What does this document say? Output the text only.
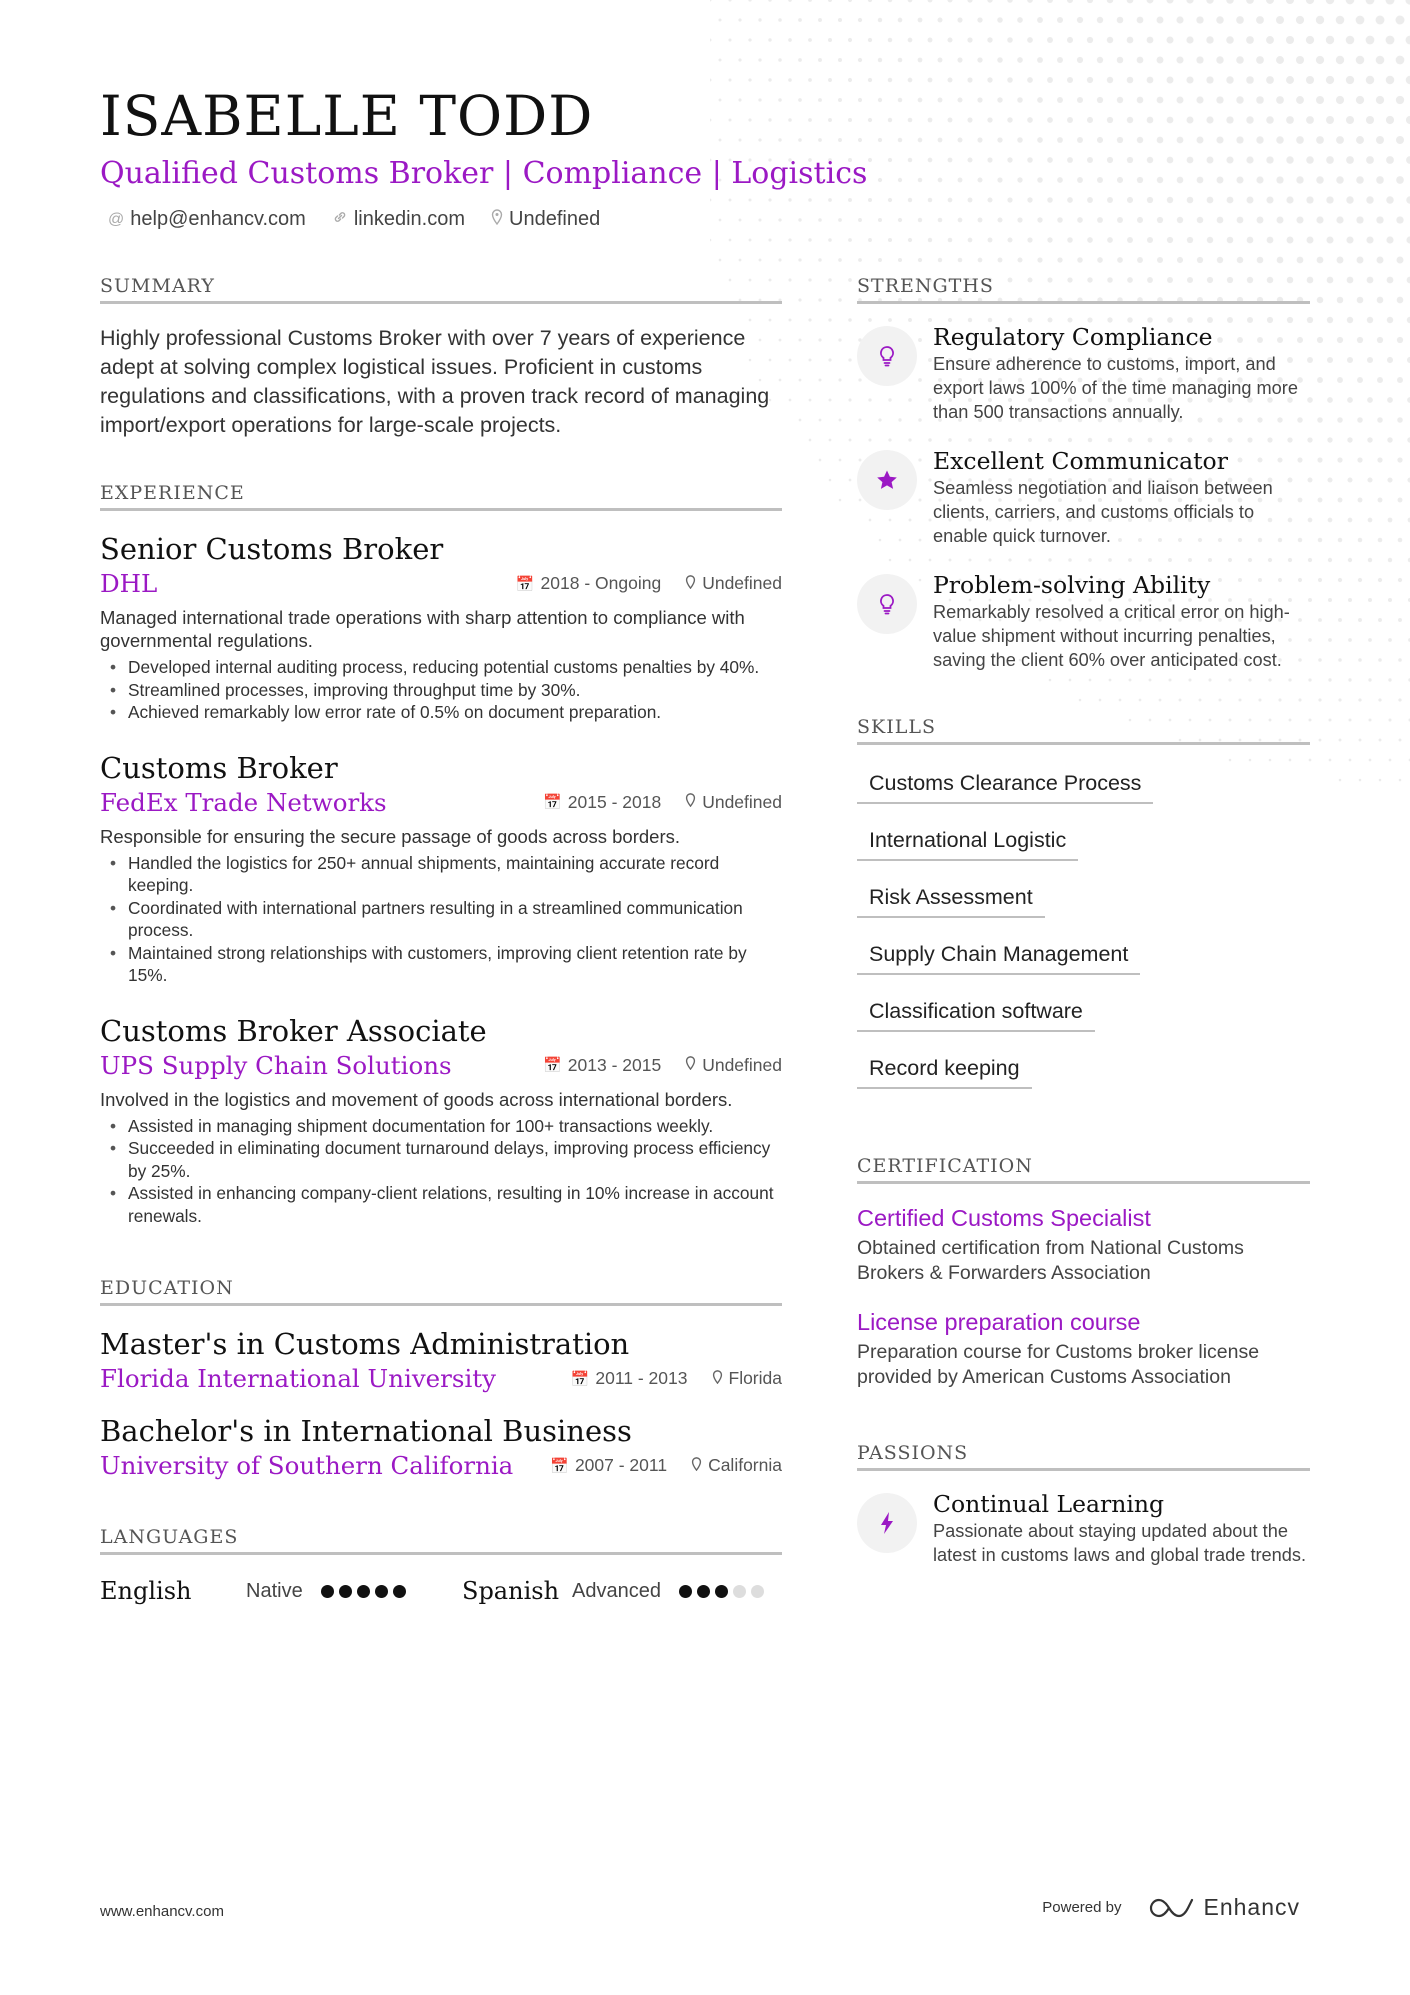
ISABELLE TODD
Qualified Customs Broker | Compliance | Logistics
@ help@enhancv.com linkedin.com Undefined
SUMMARY
Highly professional Customs Broker with over 7 years of experience adept at solving complex logistical issues. Proficient in customs regulations and classifications, with a proven track record of managing import/export operations for large-scale projects.
EXPERIENCE
Senior Customs Broker
DHL	📅 2018 - Ongoing Undefined
Managed international trade operations with sharp attention to compliance with governmental regulations.
• Developed internal auditing process, reducing potential customs penalties by 40%.
• Streamlined processes, improving throughput time by 30%.
• Achieved remarkably low error rate of 0.5% on document preparation.
Customs Broker
FedEx Trade Networks	📅 2015 - 2018 Undefined
Responsible for ensuring the secure passage of goods across borders.
• Handled the logistics for 250+ annual shipments, maintaining accurate record keeping.
• Coordinated with international partners resulting in a streamlined communication process.
• Maintained strong relationships with customers, improving client retention rate by 15%.
Customs Broker Associate
UPS Supply Chain Solutions	📅 2013 - 2015 Undefined
Involved in the logistics and movement of goods across international borders.
• Assisted in managing shipment documentation for 100+ transactions weekly.
• Succeeded in eliminating document turnaround delays, improving process efficiency by 25%.
• Assisted in enhancing company-client relations, resulting in 10% increase in account renewals.
EDUCATION
Master's in Customs Administration
Florida International University	📅 2011 - 2013 Florida
Bachelor's in International Business
University of Southern California 📅 2007 - 2011 California
LANGUAGES
English	Native	Spanish Advanced
STRENGTHS
Regulatory Compliance
Ensure adherence to customs, import, and export laws 100% of the time managing more than 500 transactions annually.
Excellent Communicator
Seamless negotiation and liaison between clients, carriers, and customs officials to enable quick turnover.
Problem-solving Ability
Remarkably resolved a critical error on high-value shipment without incurring penalties, saving the client 60% over anticipated cost.
SKILLS
Customs Clearance Process
International Logistic
Risk Assessment
Supply Chain Management
Classification software
Record keeping
CERTIFICATION
Certified Customs Specialist
Obtained certification from National Customs Brokers & Forwarders Association
License preparation course
Preparation course for Customs broker license provided by American Customs Association
PASSIONS
Continual Learning
Passionate about staying updated about the latest in customs laws and global trade trends.
www.enhancv.com	Powered by	Enhancv
